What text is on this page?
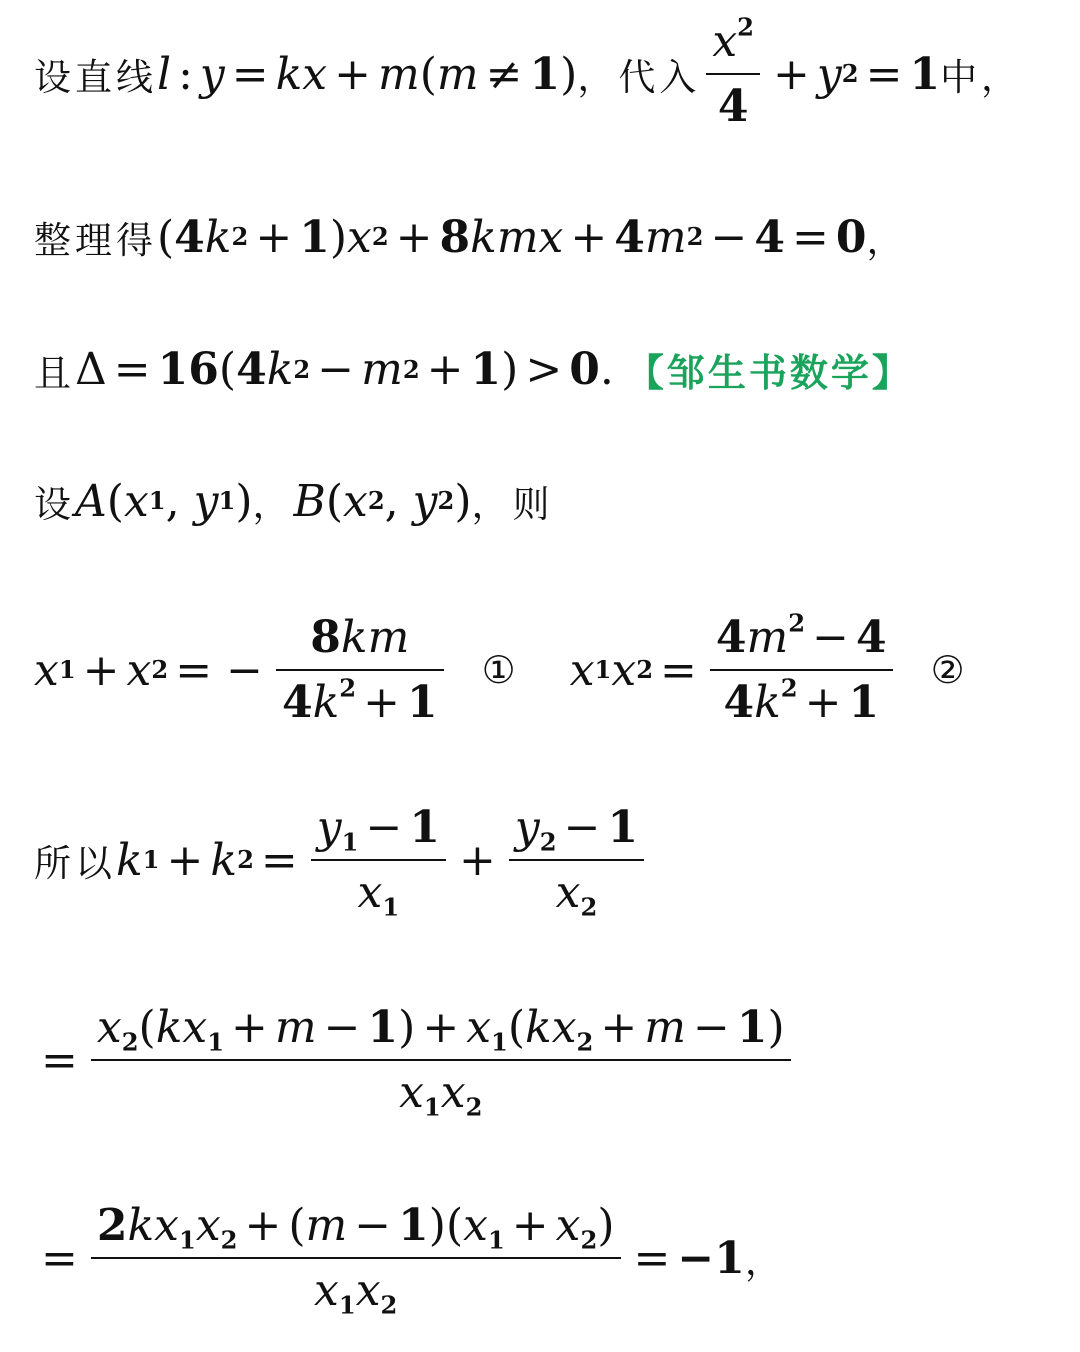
设直线 l : y = kx + m ( m ≠ 1 ) ， 代入 $\frac{x^2}{4} + y$ 2 = 1 中，
整理得 ( 4 k 2 + 1 ) x 2 + 8 kmx + 4 m 2 − 4 = 0 ，
且 Δ = 16 ( 4 k 2 − m 2 + 1 ) > 0 . 【邹生书数学】
设 A ( x 1 , y 1 ) ， B ( x 2 , y 2 ) ，则
x 1 + x 2 = − $\frac{8km}{4k^2 + 1}$ ① x 1 x $2 = \frac{4m^2 - 4}{4k^2 + 1}$ ②
所以 k 1 + k $2 = \frac{y_1 - 1}{x_1} + \frac{y_2 - 1}{x_2}$
= $\frac{x_2(kx_1 + m - 1) + x_1(kx_2 + m - 1)}{x_1x_2}$
= $\frac{2kx_1x_2 + (m - 1)(x_1 + x_2)}{x_1x_2} = -1$ ，
